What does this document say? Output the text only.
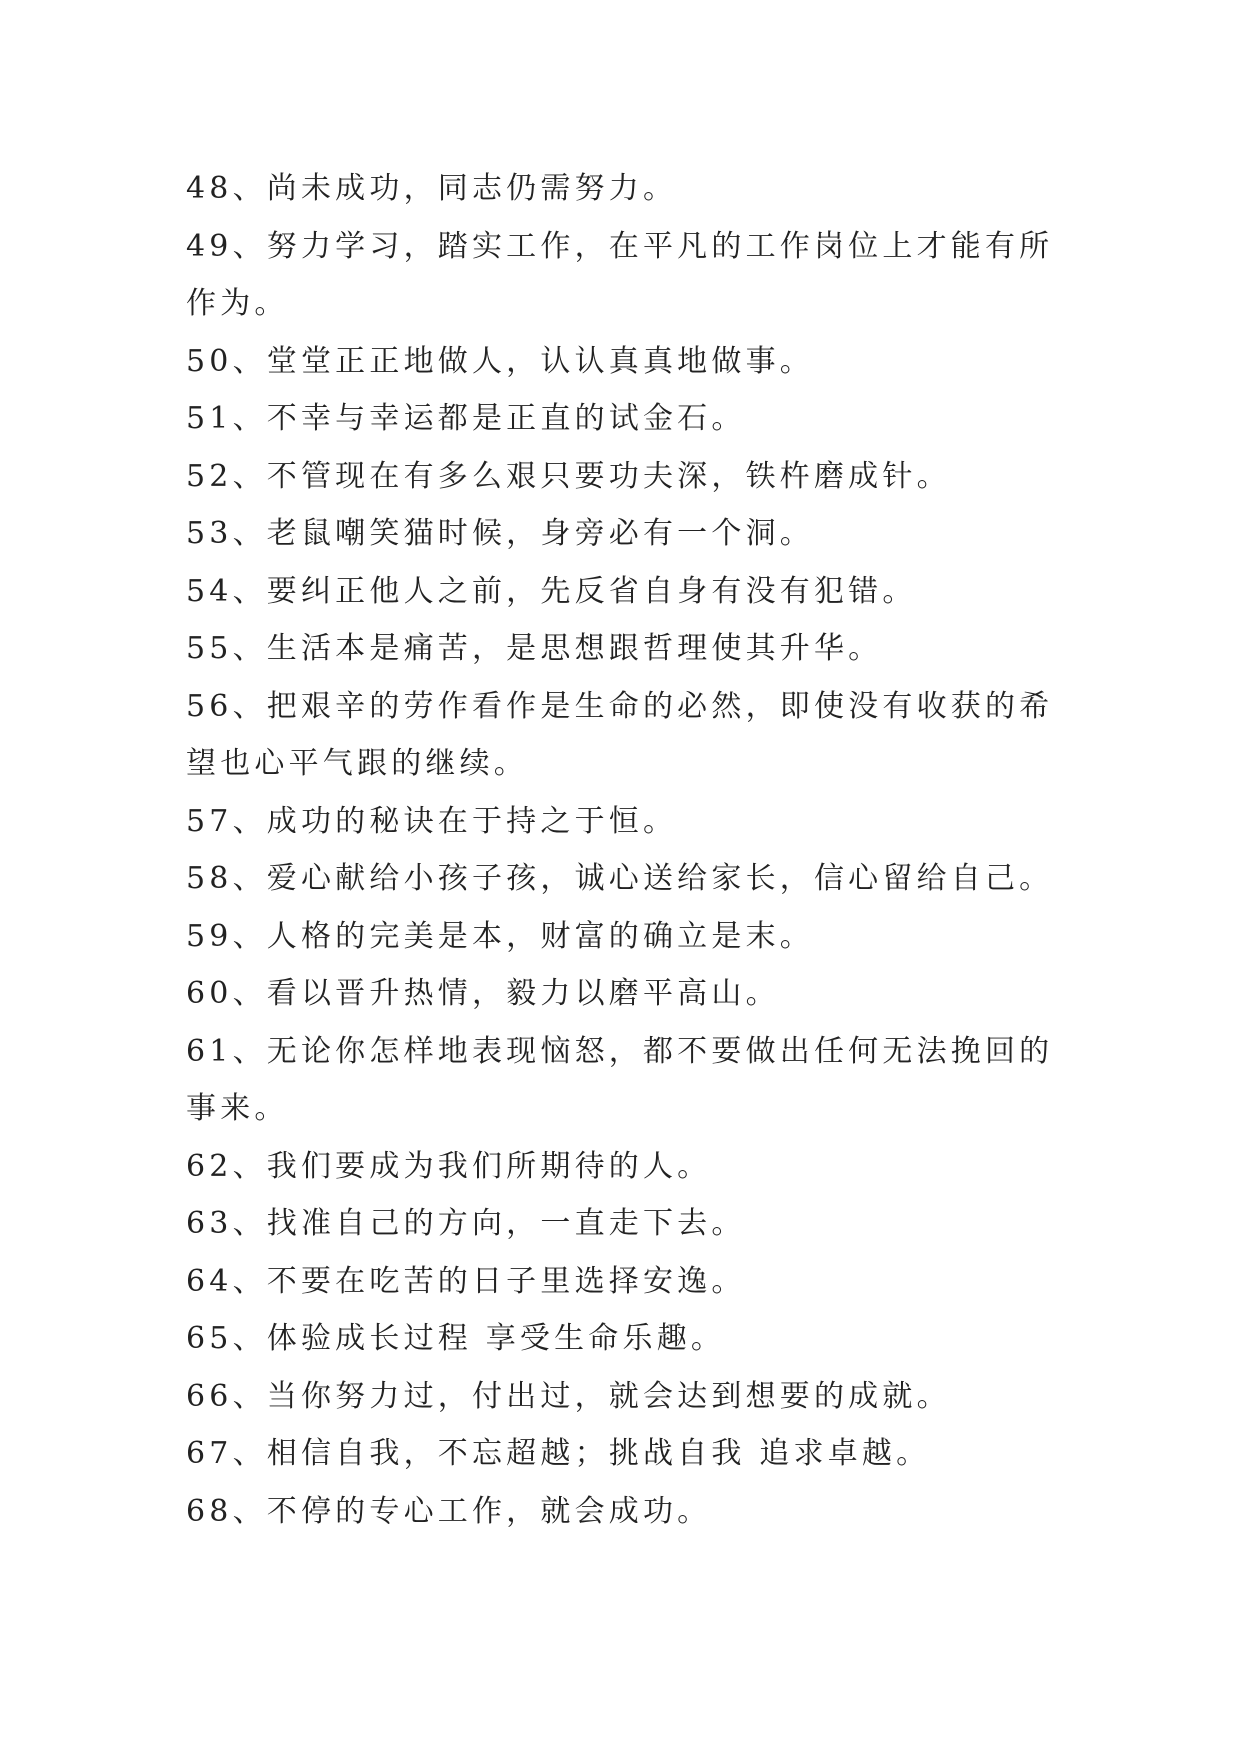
48、尚未成功，同志仍需努力。
49、努力学习，踏实工作，在平凡的工作岗位上才能有所作为。
50、堂堂正正地做人，认认真真地做事。
51、不幸与幸运都是正直的试金石。
52、不管现在有多么艰只要功夫深，铁杵磨成针。
53、老鼠嘲笑猫时候，身旁必有一个洞。
54、要纠正他人之前，先反省自身有没有犯错。
55、生活本是痛苦，是思想跟哲理使其升华。
56、把艰辛的劳作看作是生命的必然，即使没有收获的希望也心平气跟的继续。
57、成功的秘诀在于持之于恒。
58、爱心献给小孩子孩，诚心送给家长，信心留给自己。
59、人格的完美是本，财富的确立是末。
60、看以晋升热情，毅力以磨平高山。
61、无论你怎样地表现恼怒，都不要做出任何无法挽回的事来。
62、我们要成为我们所期待的人。
63、找准自己的方向，一直走下去。
64、不要在吃苦的日子里选择安逸。
65、体验成长过程 享受生命乐趣。
66、当你努力过，付出过，就会达到想要的成就。
67、相信自我，不忘超越；挑战自我 追求卓越。
68、不停的专心工作，就会成功。
